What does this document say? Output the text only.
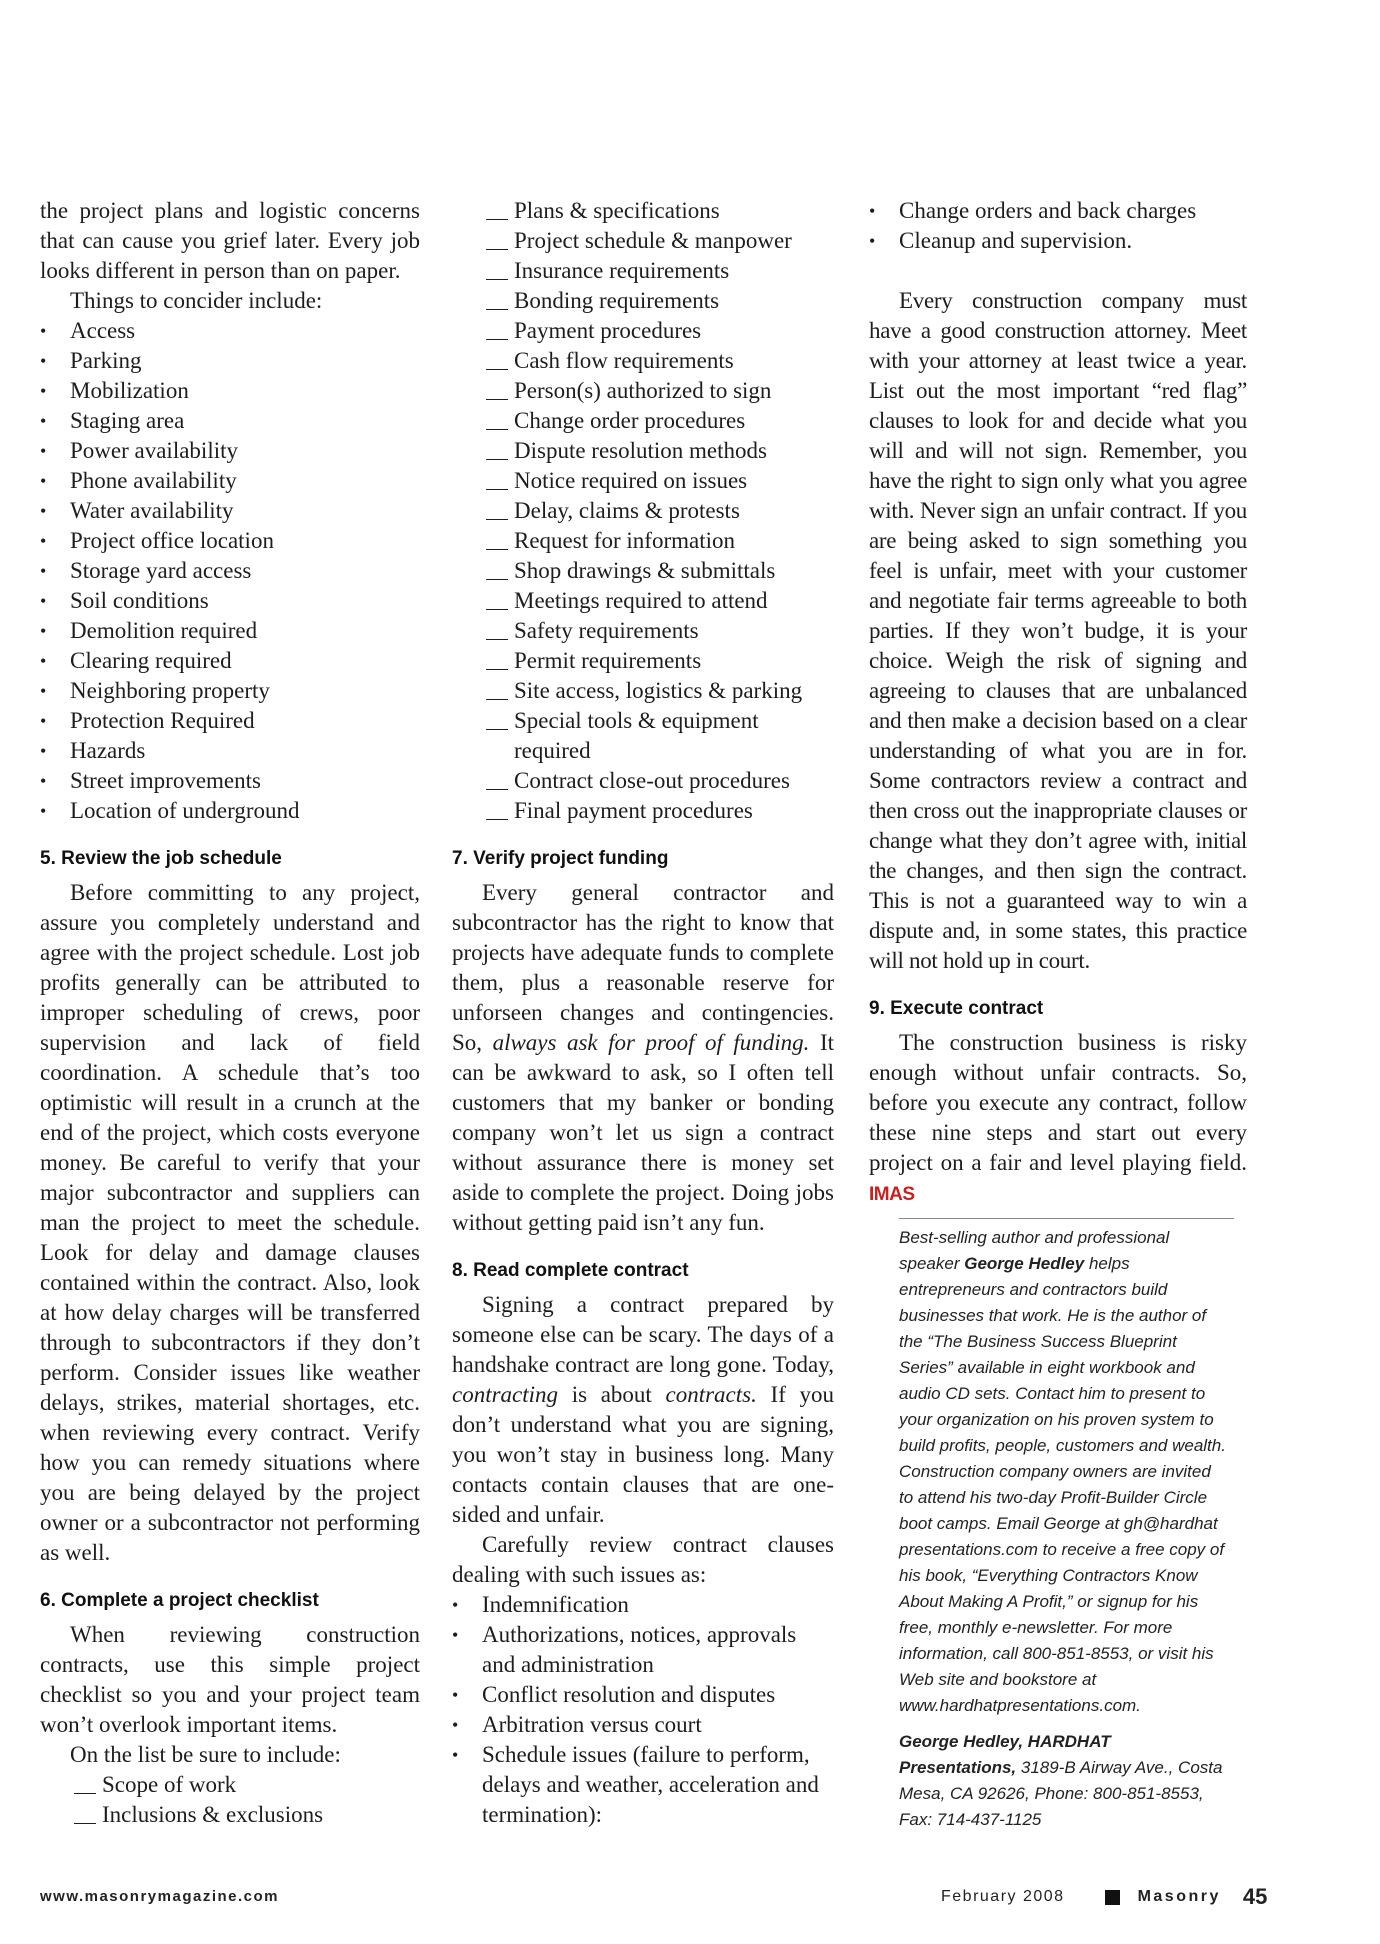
the project plans and logistic concerns that can cause you grief later. Every job looks different in person than on paper.

Things to concider include:

• Access
• Parking
• Mobilization
• Staging area
• Power availability
• Phone availability
• Water availability
• Project office location
• Storage yard access
• Soil conditions
• Demolition required
• Clearing required
• Neighboring property
• Protection Required
• Hazards
• Street improvements
• Location of underground
5. Review the job schedule

Before committing to any project, assure you completely understand and agree with the project schedule. Lost job profits generally can be attributed to improper scheduling of crews, poor supervision and lack of field coordination. A schedule that’s too optimistic will result in a crunch at the end of the project, which costs everyone money. Be careful to verify that your major subcontractor and suppliers can man the project to meet the schedule. Look for delay and damage clauses contained within the contract. Also, look at how delay charges will be transferred through to subcontractors if they don’t perform. Consider issues like weather delays, strikes, material shortages, etc. when reviewing every contract. Verify how you can remedy situations where you are being delayed by the project owner or a subcontractor not performing as well.

6. Complete a project checklist

When reviewing construction contracts, use this simple project checklist so you and your project team won’t overlook important items.

On the list be sure to include:

Scope of work
Inclusions & exclusions
Plans & specifications
Project schedule & manpower
Insurance requirements
Bonding requirements
Payment procedures
Cash flow requirements
Person(s) authorized to sign
Change order procedures
Dispute resolution methods
Notice required on issues
Delay, claims & protests
Request for information
Shop drawings & submittals
Meetings required to attend
Safety requirements
Permit requirements
Site access, logistics & parking
Special tools & equipment required
Contract close-out procedures
Final payment procedures
7. Verify project funding

Every general contractor and subcontractor has the right to know that projects have adequate funds to complete them, plus a reasonable reserve for unforseen changes and contingencies. So, always ask for proof of funding. It can be awkward to ask, so I often tell customers that my banker or bonding company won’t let us sign a contract without assurance there is money set aside to complete the project. Doing jobs without getting paid isn’t any fun.

8. Read complete contract

Signing a contract prepared by someone else can be scary. The days of a handshake contract are long gone. Today, contracting is about contracts. If you don’t understand what you are signing, you won’t stay in business long. Many contacts contain clauses that are one-sided and unfair.

Carefully review contract clauses dealing with such issues as:

• Indemnification
• Authorizations, notices, approvals and administration
• Conflict resolution and disputes
• Arbitration versus court
• Schedule issues (failure to perform, delays and weather, acceleration and termination):
• Change orders and back charges
• Cleanup and supervision.

Every construction company must have a good construction attorney. Meet with your attorney at least twice a year. List out the most important “red flag” clauses to look for and decide what you will and will not sign. Remember, you have the right to sign only what you agree with. Never sign an unfair contract. If you are being asked to sign something you feel is unfair, meet with your customer and negotiate fair terms agreeable to both parties. If they won’t budge, it is your choice. Weigh the risk of signing and agreeing to clauses that are unbalanced and then make a decision based on a clear understanding of what you are in for. Some contractors review a contract and then cross out the inappropriate clauses or change what they don’t agree with, initial the changes, and then sign the contract. This is not a guaranteed way to win a dispute and, in some states, this practice will not hold up in court.

9. Execute contract

The construction business is risky enough without unfair contracts. So, before you execute any contract, follow these nine steps and start out every project on a fair and level playing field. IMAS

Best-selling author and professional speaker George Hedley helps entrepreneurs and contractors build businesses that work. He is the author of the “The Business Success Blueprint Series” available in eight workbook and audio CD sets. Contact him to present to your organization on his proven system to build profits, people, customers and wealth. Construction company owners are invited to attend his two-day Profit-Builder Circle boot camps. Email George at gh@hardhat presentations.com to receive a free copy of his book, “Everything Contractors Know About Making A Profit,” or signup for his free, monthly e-newsletter. For more information, call 800-851-8553, or visit his Web site and bookstore at www.hardhatpresentations.com.

George Hedley, HARDHAT Presentations, 3189-B Airway Ave., Costa Mesa, CA 92626, Phone: 800-851-8553, Fax: 714-437-1125

www.masonrymagazine.com	February 2008	Masonry 45
